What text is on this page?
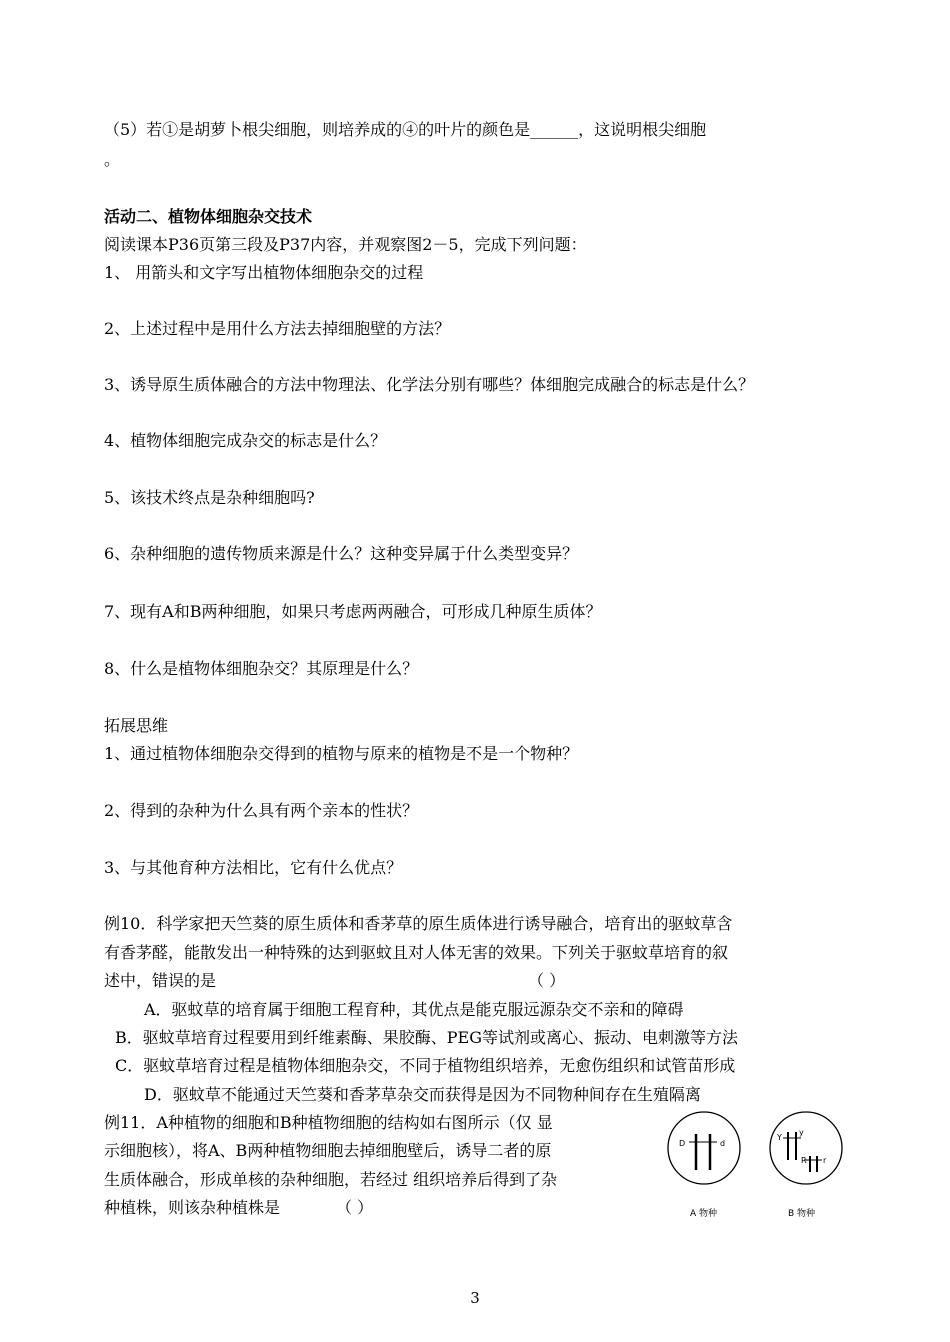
（5）若①是胡萝卜根尖细胞，则培养成的④的叶片的颜色是______，这说明根尖细胞
。
活动二、植物体细胞杂交技术
阅读课本P36页第三段及P37内容，并观察图2－5，完成下列问题：
1、 用箭头和文字写出植物体细胞杂交的过程
2、上述过程中是用什么方法去掉细胞壁的方法？
3、诱导原生质体融合的方法中物理法、化学法分别有哪些？体细胞完成融合的标志是什么？
4、植物体细胞完成杂交的标志是什么？
5、该技术终点是杂种细胞吗?
6、杂种细胞的遗传物质来源是什么？这种变异属于什么类型变异？
7、现有A和B两种细胞，如果只考虑两两融合，可形成几种原生质体？
8、什么是植物体细胞杂交？其原理是什么？
拓展思维
1、通过植物体细胞杂交得到的植物与原来的植物是不是一个物种？
2、得到的杂种为什么具有两个亲本的性状？
3、与其他育种方法相比，它有什么优点？
例10．科学家把天竺葵的原生质体和香茅草的原生质体进行诱导融合，培育出的驱蚊草含
有香茅醛，能散发出一种特殊的达到驱蚊且对人体无害的效果。下列关于驱蚊草培育的叙
述中，错误的是	（ ）
A．驱蚊草的培育属于细胞工程育种，其优点是能克服远源杂交不亲和的障碍
B．驱蚊草培育过程要用到纤维素酶、果胶酶、PEG等试剂或离心、振动、电刺激等方法
C．驱蚊草培育过程是植物体细胞杂交，不同于植物组织培养，无愈伤组织和试管苗形成
D．驱蚊草不能通过天竺葵和香茅草杂交而获得是因为不同物种间存在生殖隔离
例11．A种植物的细胞和B种植物细胞的结构如右图所示（仅 显
示细胞核），将A、B两种植物细胞去掉细胞壁后，诱导二者的原
生质体融合，形成单核的杂种细胞，若经过 组织培养后得到了杂
种植株，则该杂种植株是	（ ）
D	d
Y
y
R r
A 物种	B 物种
3
